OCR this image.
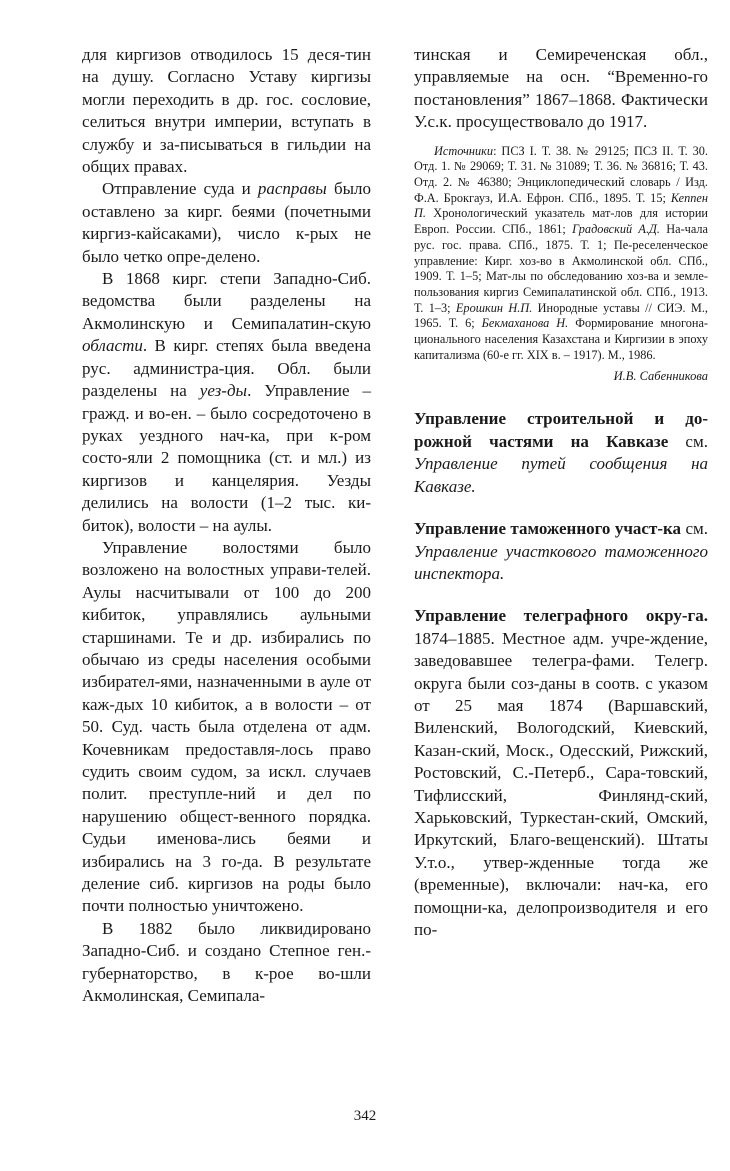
для киргизов отводилось 15 деся-тин на душу. Согласно Уставу киргизы могли переходить в др. гос. сословие, селиться внутри империи, вступать в службу и за-писываться в гильдии на общих правах.

Отправление суда и расправы было оставлено за кирг. беями (почетными киргиз-кайсаками), число к-рых не было четко опре-делено.

В 1868 кирг. степи Западно-Сиб. ведомства были разделены на Акмолинскую и Семипалатин-скую области. В кирг. степях была введена рус. администра-ция. Обл. были разделены на уез-ды. Управление – гражд. и во-ен. – было сосредоточено в руках уездного нач-ка, при к-ром состо-яли 2 помощника (ст. и мл.) из киргизов и канцелярия. Уезды делились на волости (1–2 тыс. ки-биток), волости – на аулы.

Управление волостями было возложено на волостных управи-телей. Аулы насчитывали от 100 до 200 кибиток, управлялись аульными старшинами. Те и др. избирались по обычаю из среды населения особыми избирател-ями, назначенными в ауле от каж-дых 10 кибиток, а в волости – от 50. Суд. часть была отделена от адм. Кочевникам предоставля-лось право судить своим судом, за искл. случаев полит. преступле-ний и дел по нарушению общест-венного порядка. Судьи именова-лись беями и избирались на 3 го-да. В результате деление сиб. киргизов на роды было почти полностью уничтожено.

В 1882 было ликвидировано Западно-Сиб. и создано Степное ген.-губернаторство, в к-рое во-шли Акмолинская, Семипала-

тинская и Семиреченская обл., управляемые на осн. “Временно-го постановления” 1867–1868. Фактически У.с.к. просуществовало до 1917.

Источники: ПСЗ I. Т. 38. № 29125; ПСЗ II. Т. 30. Отд. 1. № 29069; Т. 31. № 31089; Т. 36. № 36816; Т. 43. Отд. 2. № 46380; Энциклопедический словарь / Изд. Ф.А. Брокгауз, И.А. Ефрон. СПб., 1895. Т. 15; Кеппен П. Хронологический указатель мат-лов для истории Европ. России. СПб., 1861; Градовский А.Д. На-чала рус. гос. права. СПб., 1875. Т. 1; Пе-реселенческое управление: Кирг. хоз-во в Акмолинской обл. СПб., 1909. Т. 1–5; Мат-лы по обследованию хоз-ва и земле-пользования киргиз Семипалатинской обл. СПб., 1913. Т. 1–3; Ерошкин Н.П. Инородные уставы // СИЭ. М., 1965. Т. 6; Бекмаханова Н. Формирование многона-ционального населения Казахстана и Киргизии в эпоху капитализма (60-е гг. XIX в. – 1917). М., 1986.

И.В. Сабенникова

Управление строительной и до-рожной частями на Кавказе см. Управление путей сообщения на Кавказе.

Управление таможенного участ-ка см. Управление участкового таможенного инспектора.

Управление телеграфного окру-га. 1874–1885. Местное адм. учре-ждение, заведовавшее телегра-фами. Телегр. округа были соз-даны в соотв. с указом от 25 мая 1874 (Варшавский, Виленский, Вологодский, Киевский, Казан-ский, Моск., Одесский, Рижский, Ростовский, С.-Петерб., Сара-товский, Тифлисский, Финлянд-ский, Харьковский, Туркестан-ский, Омский, Иркутский, Благо-вещенский). Штаты У.т.о., утвер-жденные тогда же (временные), включали: нач-ка, его помощни-ка, делопроизводителя и его по-

342
